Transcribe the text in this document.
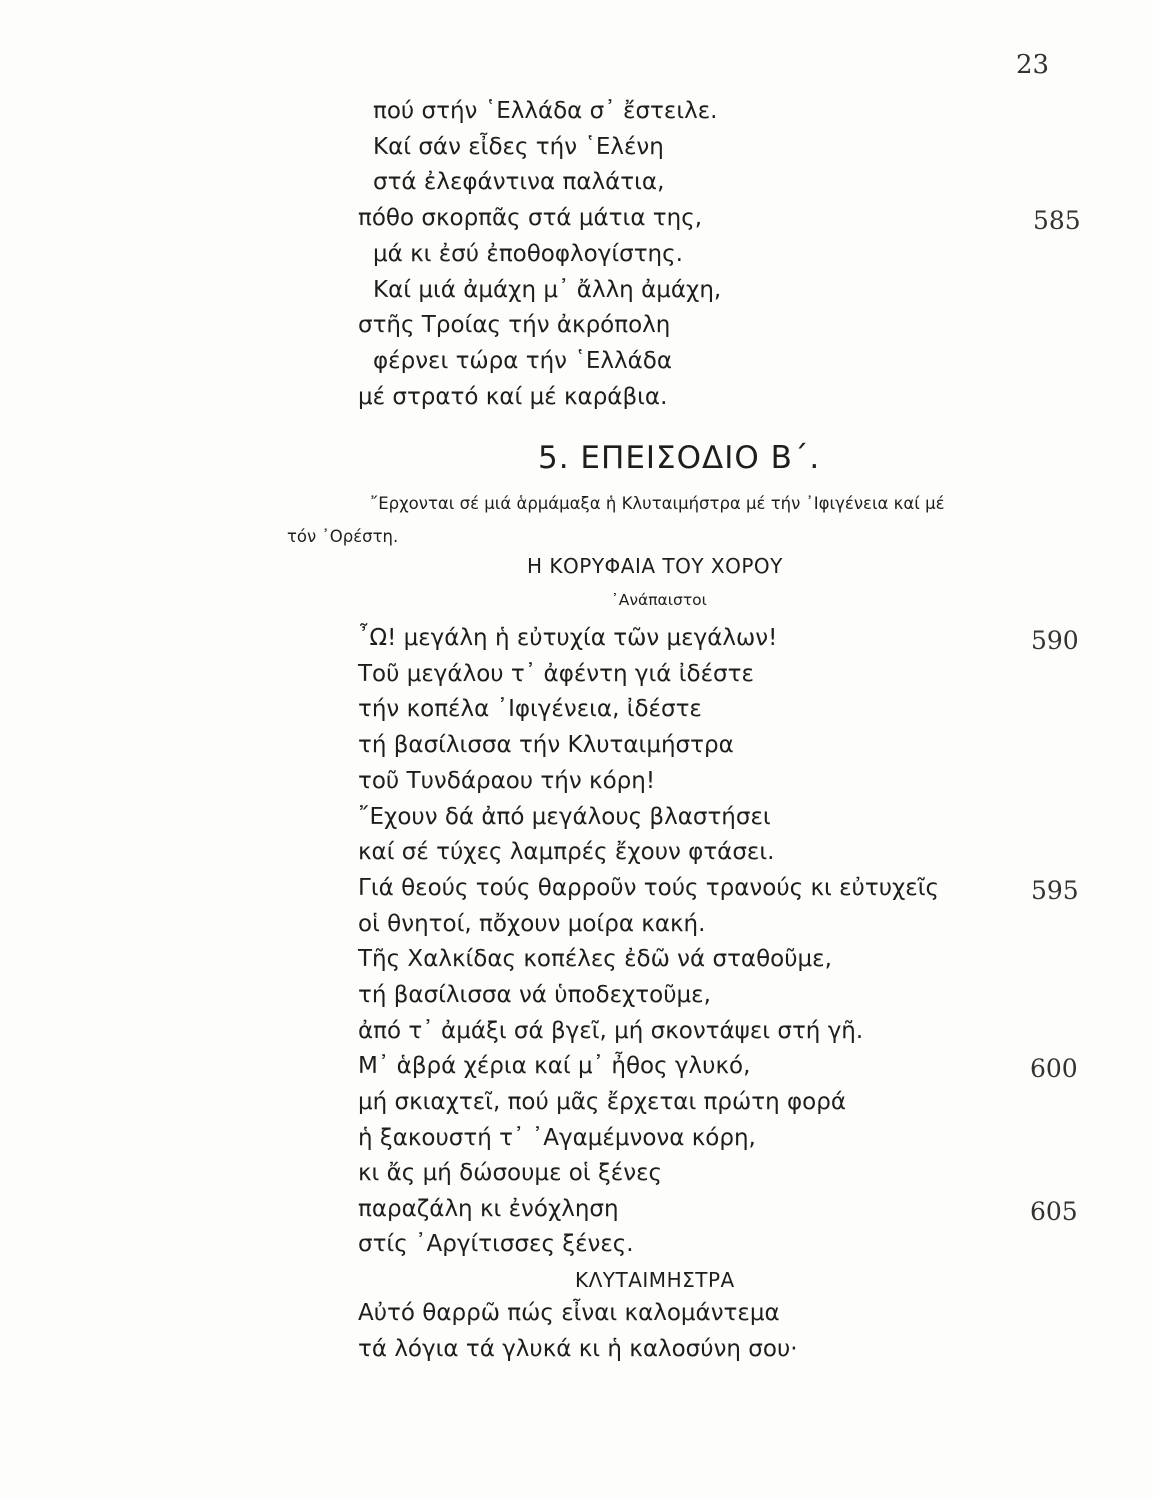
23
πού στήν ῾Ελλάδα σ᾽ ἔστειλε.
Καί σάν εἶδες τήν ῾Ελένη
στά ἐλεφάντινα παλάτια,
πόθο σκορπᾶς στά μάτια της,
μά κι ἐσύ ἐποθοφλογίστης.
Καί μιά ἀμάχη μ᾽ ἄλλη ἀμάχη,
στῆς Τροίας τήν ἀκρόπολη
φέρνει τώρα τήν ῾Ελλάδα
μέ στρατό καί μέ καράβια.
585
5. ΕΠΕΙΣΟΔΙΟ Β΄.
῎Ερχονται σέ μιά ἁρμάμαξα ἡ Κλυταιμήστρα μέ τήν ᾽Ιφιγένεια καί μέ
τόν ᾽Ορέστη.
Η ΚΟΡΥΦΑΙΑ ΤΟΥ ΧΟΡΟΥ
᾽Ανάπαιστοι
῏Ω! μεγάλη ἡ εὐτυχία τῶν μεγάλων!
Τοῦ μεγάλου τ᾽ ἀφέντη γιά ἰδέστε
τήν κοπέλα ᾽Ιφιγένεια, ἰδέστε
τή βασίλισσα τήν Κλυταιμήστρα
τοῦ Τυνδάραου τήν κόρη!
῎Εχουν δά ἀπό μεγάλους βλαστήσει
καί σέ τύχες λαμπρές ἔχουν φτάσει.
Γιά θεούς τούς θαρροῦν τούς τρανούς κι εὐτυχεῖς
οἱ θνητοί, πὄχουν μοίρα κακή.
Τῆς Χαλκίδας κοπέλες ἐδῶ νά σταθοῦμε,
τή βασίλισσα νά ὑποδεχτοῦμε,
ἀπό τ᾽ ἀμάξι σά βγεῖ, μή σκοντάψει στή γῆ.
Μ᾽ ἁβρά χέρια καί μ᾽ ἦθος γλυκό,
μή σκιαχτεῖ, πού μᾶς ἔρχεται πρώτη φορά
ἡ ξακουστή τ᾽ ᾽Αγαμέμνονα κόρη,
κι ἄς μή δώσουμε οἱ ξένες
παραζάλη κι ἐνόχληση
στίς ᾽Αργίτισσες ξένες.
590
595
600
605
ΚΛΥΤΑΙΜΗΣΤΡΑ
Αὐτό θαρρῶ πώς εἶναι καλομάντεμα
τά λόγια τά γλυκά κι ἡ καλοσύνη σου·
